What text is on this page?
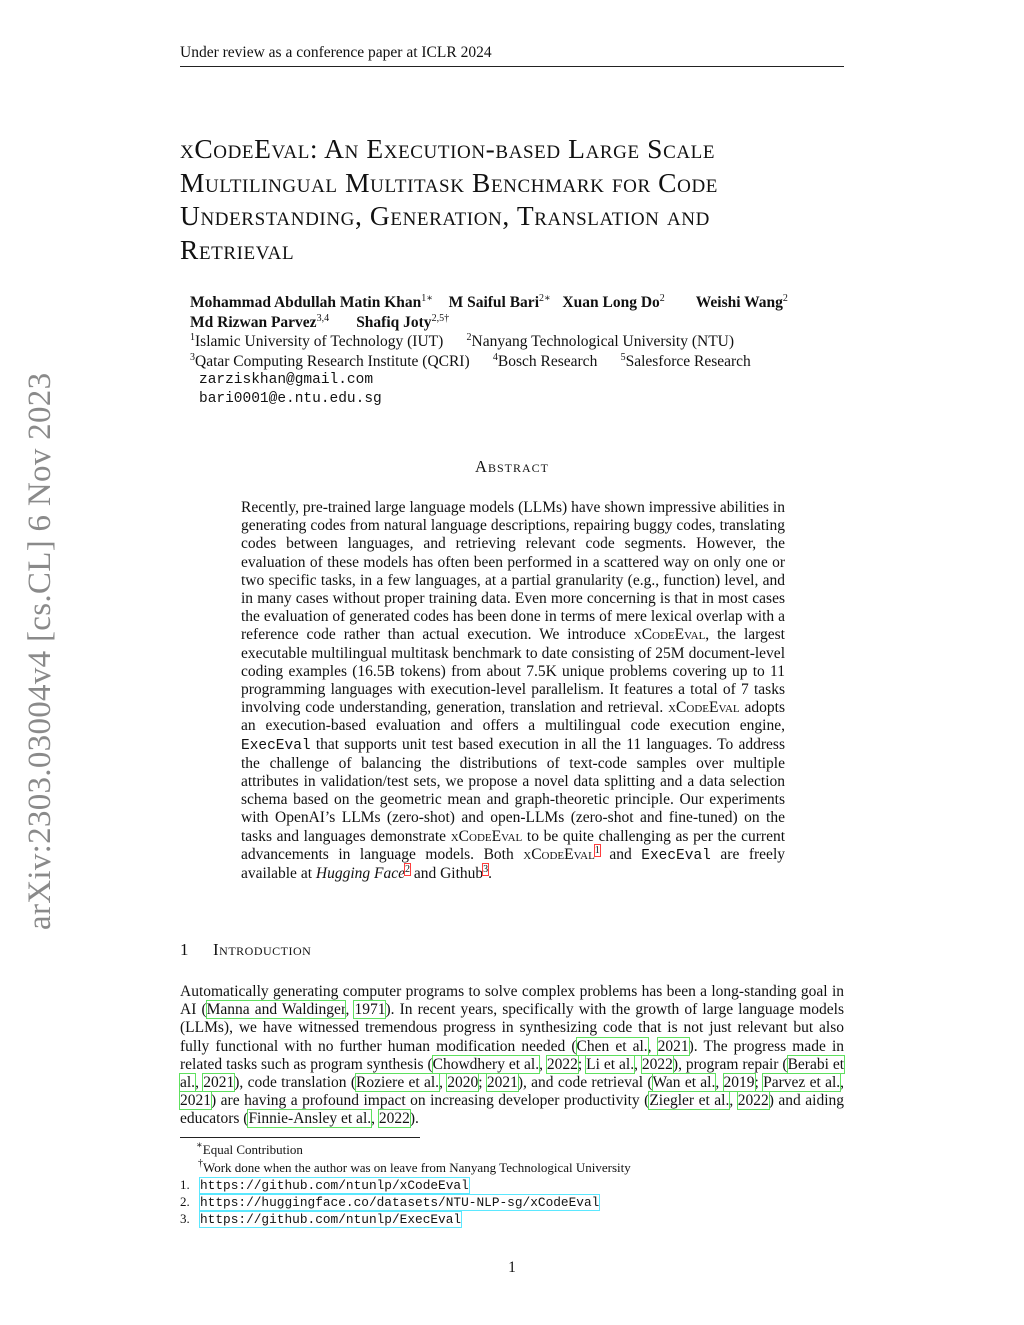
Under review as a conference paper at ICLR 2024
arXiv:2303.03004v4 [cs.CL] 6 Nov 2023
xCodeEval: An Execution-based Large Scale
Multilingual Multitask Benchmark for Code
Understanding, Generation, Translation and
Retrieval
Mohammad Abdullah Matin Khan$^{1∗}$ M Saiful Bari$^{2∗}$ Xuan Long Do$^2$ Weishi Wang$^2$
Md Rizwan Parvez$^{3,4}$ Shafiq Joty$^{2,5\dagger}$
$^1$Islamic University of Technology (IUT) $^2$Nanyang Technological University (NTU)
$^3$Qatar Computing Research Institute (QCRI) $^4$Bosch Research $^5$Salesforce Research
zarziskhan@gmail.com
bari0001@e.ntu.edu.sg
Abstract
Recently, pre-trained large language models (LLMs) have shown impressive abilities in generating codes from natural language descriptions, repairing buggy codes, translating codes between languages, and retrieving relevant code segments. However, the evaluation of these models has often been performed in a scattered way on only one or two specific tasks, in a few languages, at a partial granularity (e.g., function) level, and in many cases without proper training data. Even more concerning is that in most cases the evaluation of generated codes has been done in terms of mere lexical overlap with a reference code rather than actual execution. We introduce xCodeEval, the largest executable multilingual multitask benchmark to date consisting of 25M document-level coding examples (16.5B tokens) from about 7.5K unique problems covering up to 11 programming languages with execution-level parallelism. It features a total of 7 tasks involving code understanding, generation, translation and retrieval. xCodeEval adopts an execution-based evaluation and offers a multilingual code execution engine, ExecEval that supports unit test based execution in all the 11 languages. To address the challenge of balancing the distributions of text-code samples over multiple attributes in validation/test sets, we propose a novel data splitting and a data selection schema based on the geometric mean and graph-theoretic principle. Our experiments with OpenAI’s LLMs (zero-shot) and open-LLMs (zero-shot and fine-tuned) on the tasks and languages demonstrate xCodeEval to be quite challenging as per the current advancements in language models. Both xCodeEval$^1$ and ExecEval are freely available at Hugging Face$^2$ and Github$^3$.
1 Introduction
Automatically generating computer programs to solve complex problems has been a long-standing goal in AI (Manna and Waldinger, 1971). In recent years, specifically with the growth of large language models (LLMs), we have witnessed tremendous progress in synthesizing code that is not just relevant but also fully functional with no further human modification needed (Chen et al., 2021). The progress made in related tasks such as program synthesis (Chowdhery et al., 2022; Li et al., 2022), program repair (Berabi et al., 2021), code translation (Roziere et al., 2020; 2021), and code retrieval (Wan et al., 2019; Parvez et al., 2021) are having a profound impact on increasing developer productivity (Ziegler et al., 2022) and aiding educators (Finnie-Ansley et al., 2022).
∗Equal Contribution
†Work done when the author was on leave from Nanyang Technological University
1. https://github.com/ntunlp/xCodeEval
2. https://huggingface.co/datasets/NTU-NLP-sg/xCodeEval
3. https://github.com/ntunlp/ExecEval
1
